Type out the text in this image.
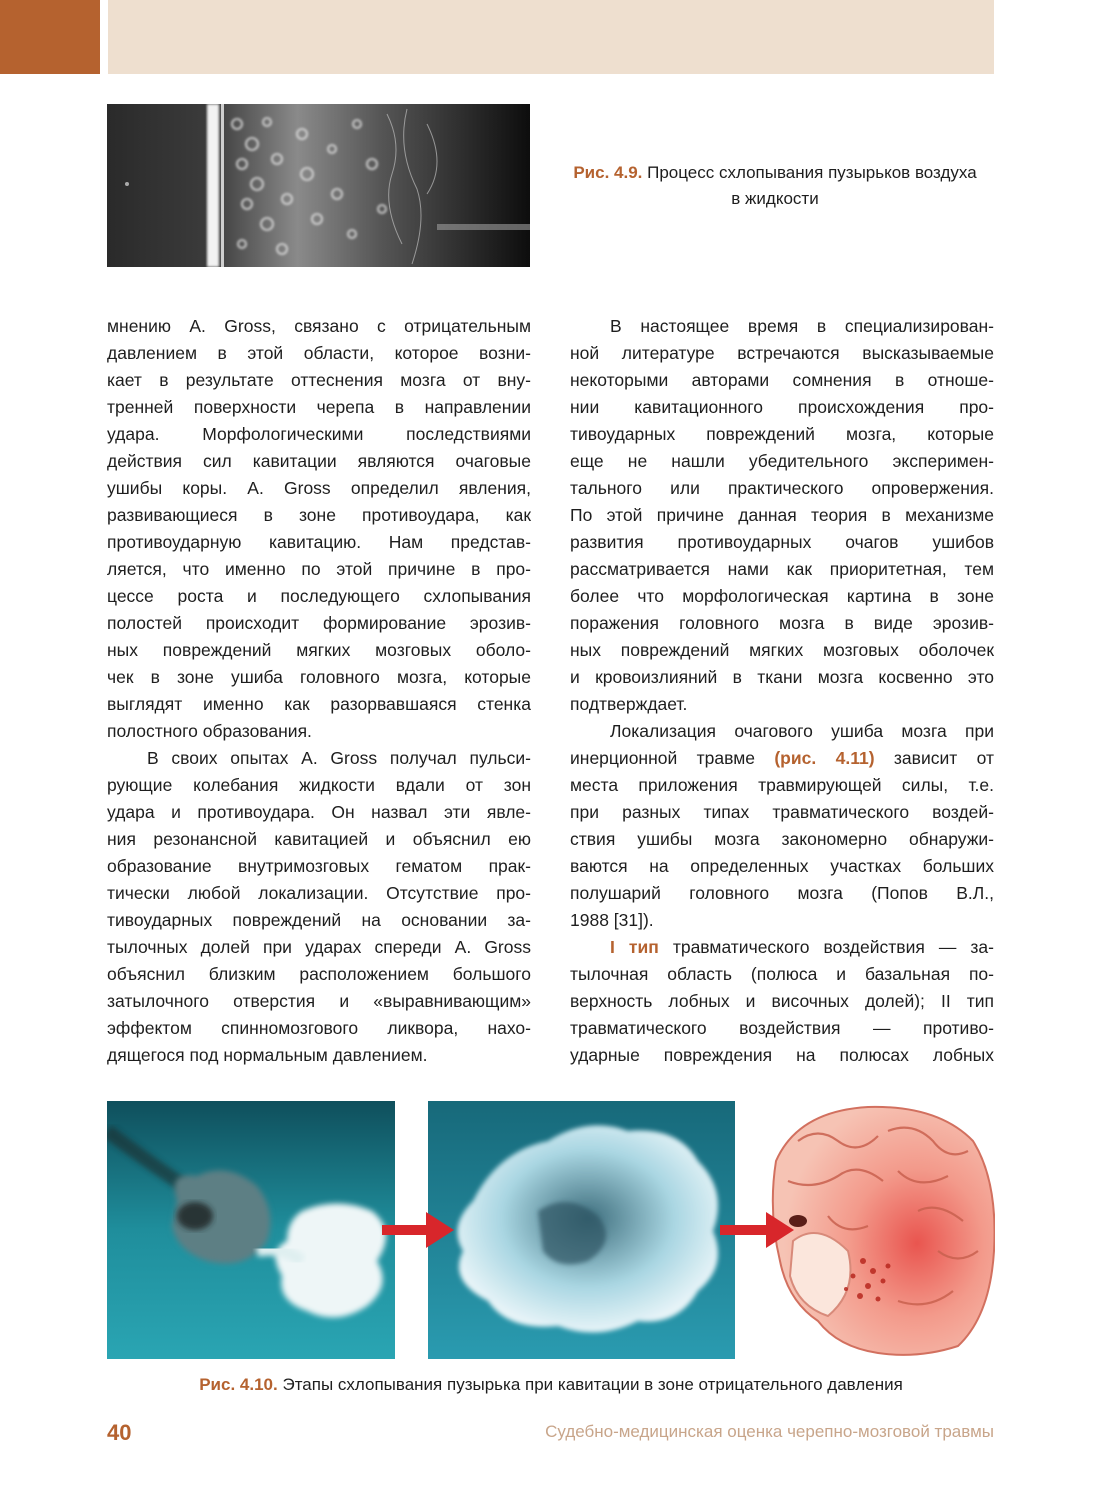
Рис. 4.9. Процесс схлопывания пузырьков воздуха
в жидкости

мнению А. Gross, связано с отрицательным

давлением в этой области, которое возни-

кает в результате оттеснения мозга от вну-

тренней поверхности черепа в направлении

удара. Морфологическими последствиями

действия сил кавитации являются очаговые

ушибы коры. А. Gross определил явления,

развивающиеся в зоне противоудара, как

противоударную кавитацию. Нам представ-

ляется, что именно по этой причине в про-

цессе роста и последующего схлопывания

полостей происходит формирование эрозив-

ных повреждений мягких мозговых оболо-

чек в зоне ушиба головного мозга, которые

выглядят именно как разорвавшаяся стенка

полостного образования.

В своих опытах А. Gross получал пульси-

рующие колебания жидкости вдали от зон

удара и противоудара. Он назвал эти явле-

ния резонансной кавитацией и объяснил ею

образование внутримозговых гематом прак-

тически любой локализации. Отсутствие про-

тивоударных повреждений на основании за-

тылочных долей при ударах спереди А. Gross

объяснил близким расположением большого

затылочного отверстия и «выравнивающим»

эффектом спинномозгового ликвора, нахо-

дящегося под нормальным давлением.

В настоящее время в специализирован-

ной литературе встречаются высказываемые

некоторыми авторами сомнения в отноше-

нии кавитационного происхождения про-

тивоударных повреждений мозга, которые

еще не нашли убедительного эксперимен-

тального или практического опровержения.

По этой причине данная теория в механизме

развития противоударных очагов ушибов

рассматривается нами как приоритетная, тем

более что морфологическая картина в зоне

поражения головного мозга в виде эрозив-

ных повреждений мягких мозговых оболочек

и кровоизлияний в ткани мозга косвенно это

подтверждает.

Локализация очагового ушиба мозга при

инерционной травме (рис. 4.11) зависит от

места приложения травмирующей силы, т.е.

при разных типах травматического воздей-

ствия ушибы мозга закономерно обнаружи-

ваются на определенных участках больших

полушарий головного мозга (Попов В.Л.,

1988 [31]).

I тип травматического воздействия — за-

тылочная область (полюса и базальная по-

верхность лобных и височных долей); II тип

травматического воздействия — противо-

ударные повреждения на полюсах лобных

Рис. 4.10. Этапы схлопывания пузырька при кавитации в зоне отрицательного давления
40	Судебно-медицинская оценка черепно-мозговой травмы
